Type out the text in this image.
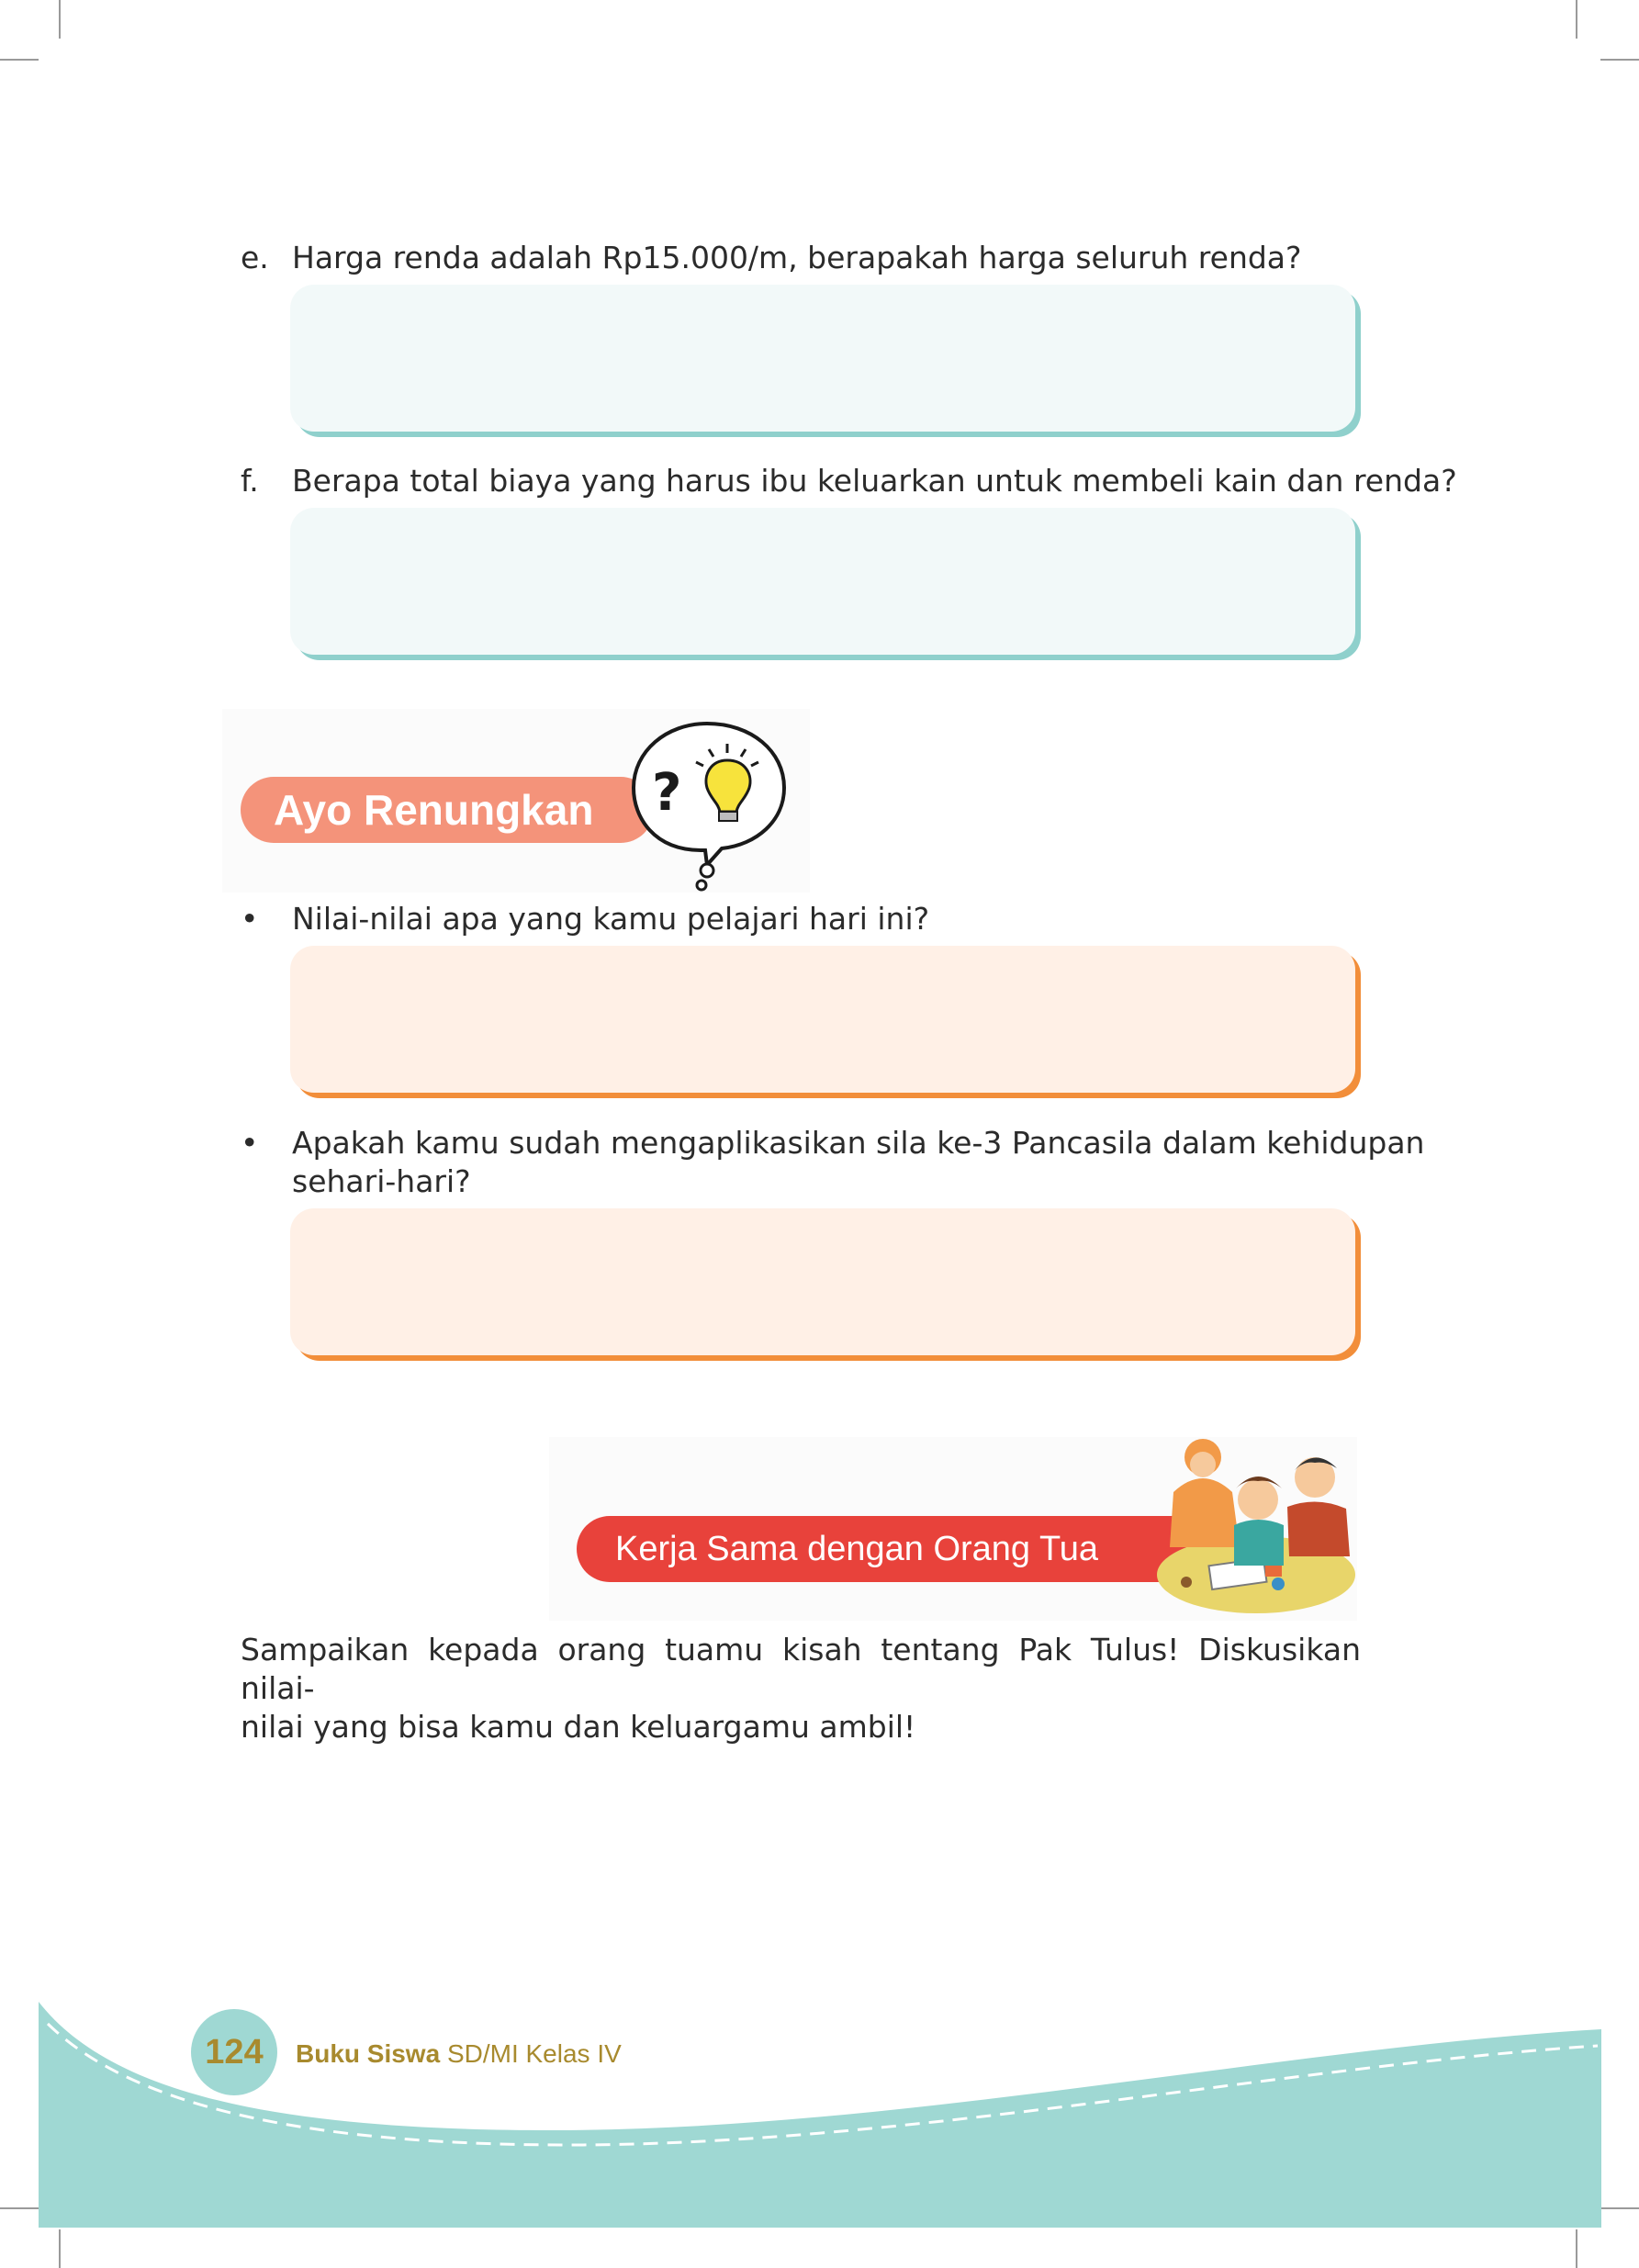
e. Harga renda adalah Rp15.000/m, berapakah harga seluruh renda?
f. Berapa total biaya yang harus ibu keluarkan untuk membeli kain dan renda?
Ayo Renungkan ?
• Nilai-nilai apa yang kamu pelajari hari ini?
• Apakah kamu sudah mengaplikasikan sila ke-3 Pancasila dalam kehidupan
sehari-hari?
Kerja Sama dengan Orang Tua
Sampaikan kepada orang tuamu kisah tentang Pak Tulus! Diskusikan nilai-
nilai yang bisa kamu dan keluargamu ambil!
124	Buku Siswa SD/MI Kelas IV
